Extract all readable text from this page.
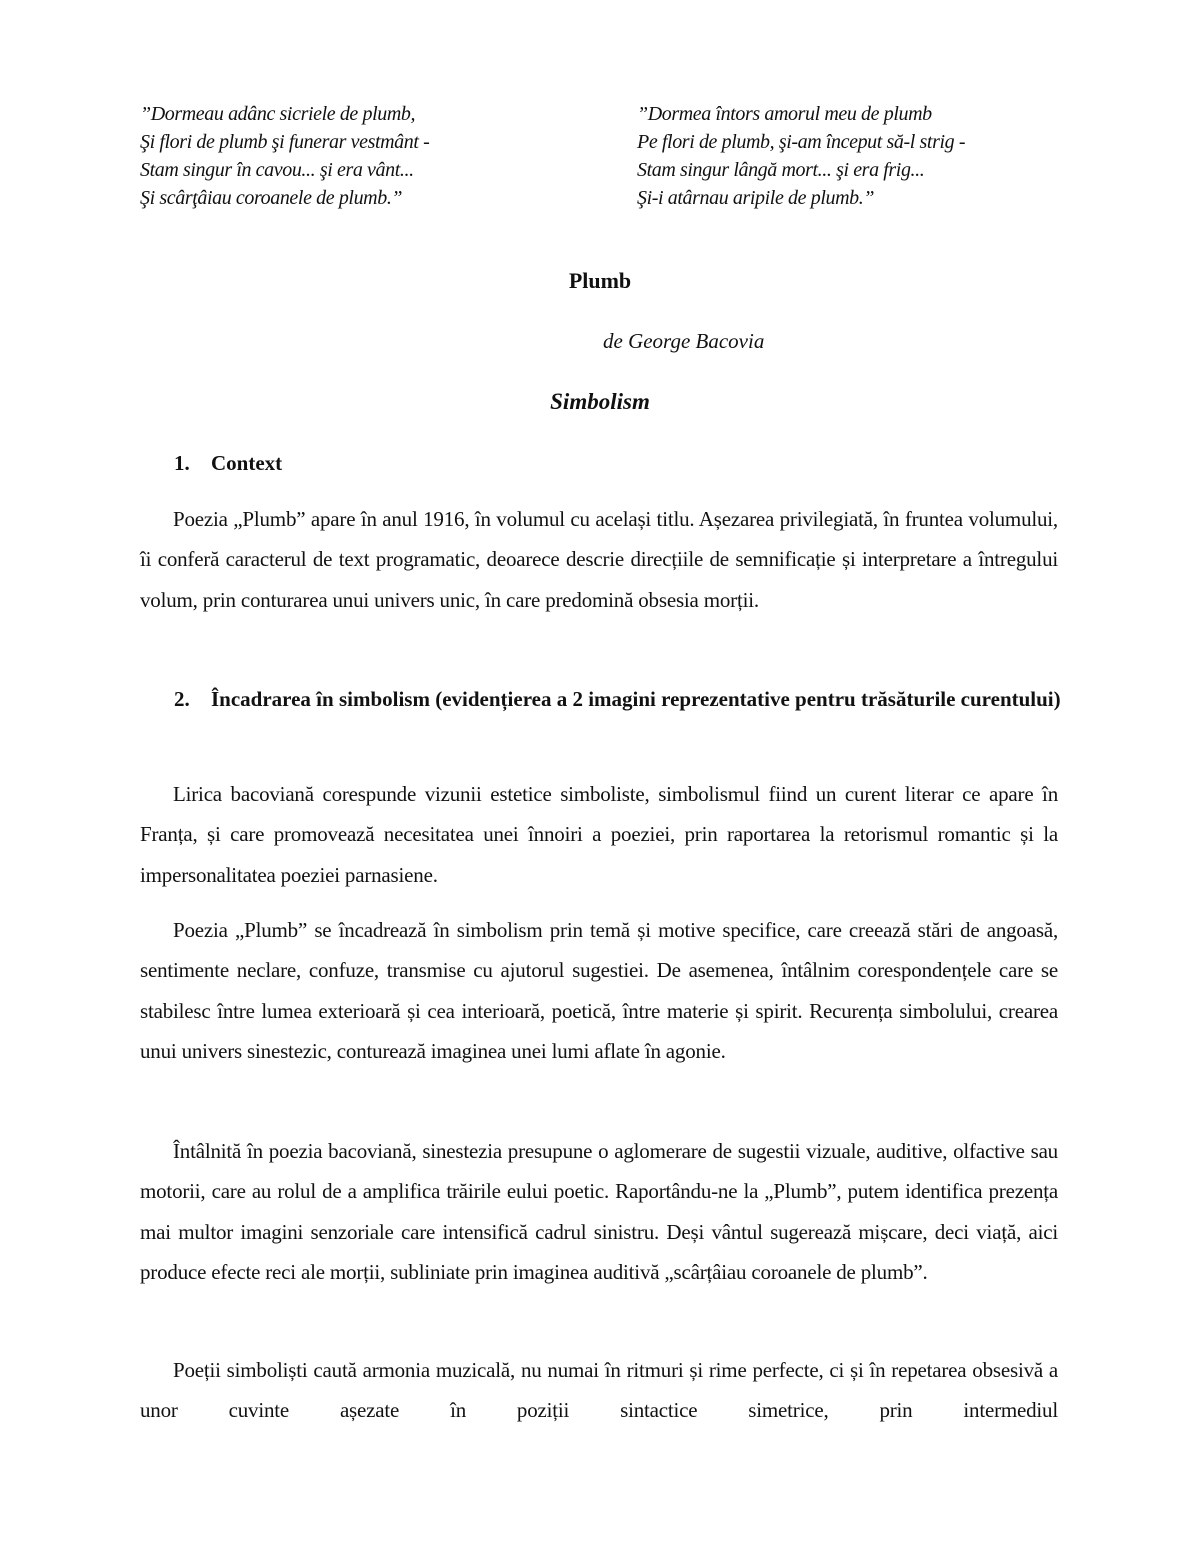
”Dormeau adânc sicriele de plumb,
Şi flori de plumb şi funerar vestmânt -
Stam singur în cavou... şi era vânt...
Şi scârţâiau coroanele de plumb.”
”Dormea întors amorul meu de plumb
Pe flori de plumb, şi-am început să-l strig -
Stam singur lângă mort... şi era frig...
Şi-i atârnau aripile de plumb.”
Plumb
de George Bacovia
Simbolism
1.	Context

Poezia „Plumb” apare în anul 1916, în volumul cu același titlu. Așezarea privilegiată, în fruntea volumului, îi conferă caracterul de text programatic, deoarece descrie direcțiile de semnificație și interpretare a întregului volum, prin conturarea unui univers unic, în care predomină obsesia morții.

2.	Încadrarea în simbolism (evidențierea a 2 imagini reprezentative pentru trăsăturile curentului)

Lirica bacoviană corespunde vizunii estetice simboliste, simbolismul fiind un curent literar ce apare în Franța, și care promovează necesitatea unei înnoiri a poeziei, prin raportarea la retorismul romantic și la impersonalitatea poeziei parnasiene.

Poezia „Plumb” se încadrează în simbolism prin temă și motive specifice, care creează stări de angoasă, sentimente neclare, confuze, transmise cu ajutorul sugestiei. De asemenea, întâlnim corespondențele care se stabilesc între lumea exterioară și cea interioară, poetică, între materie și spirit. Recurența simbolului, crearea unui univers sinestezic, conturează imaginea unei lumi aflate în agonie.

Întâlnită în poezia bacoviană, sinestezia presupune o aglomerare de sugestii vizuale, auditive, olfactive sau motorii, care au rolul de a amplifica trăirile eului poetic. Raportându-ne la „Plumb”, putem identifica prezența mai multor imagini senzoriale care intensifică cadrul sinistru. Deși vântul sugerează mișcare, deci viață, aici produce efecte reci ale morții, subliniate prin imaginea auditivă „scârțâiau coroanele de plumb”.

Poeții simboliști caută armonia muzicală, nu numai în ritmuri și rime perfecte, ci și în repetarea obsesivă a unor cuvinte așezate în poziții sintactice simetrice, prin intermediul
